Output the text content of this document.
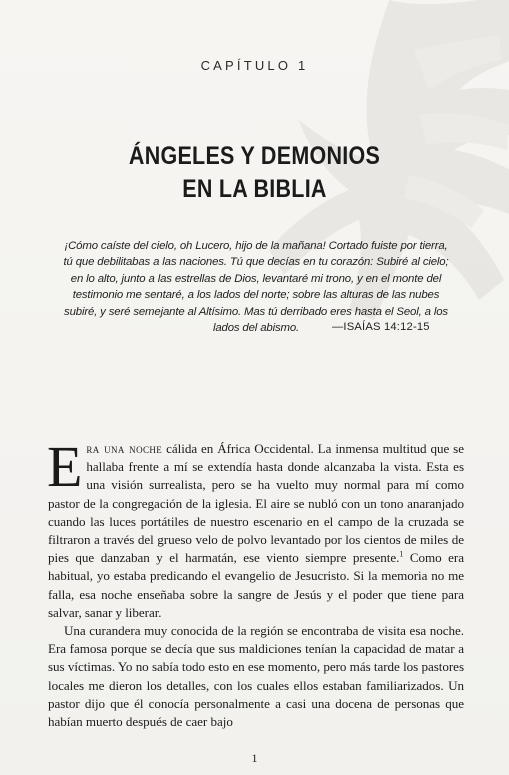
CAPÍTULO 1
ÁNGELES Y DEMONIOS
EN LA BIBLIA
¡Cómo caíste del cielo, oh Lucero, hijo de la mañana! Cortado fuiste por tierra, tú que debilitabas a las naciones. Tú que decías en tu corazón: Subiré al cielo; en lo alto, junto a las estrellas de Dios, levantaré mi trono, y en el monte del testimonio me sentaré, a los lados del norte; sobre las alturas de las nubes subiré, y seré semejante al Altísimo. Mas tú derribado eres hasta el Seol, a los lados del abismo.	—ISAÍAS 14:12-15

Era una noche cálida en África Occidental. La inmensa multitud que se hallaba frente a mí se extendía hasta donde alcanzaba la vista. Esta es una visión surrealista, pero se ha vuelto muy normal para mí como pastor de la congregación de la iglesia. El aire se nubló con un tono anaranjado cuando las luces portátiles de nuestro escenario en el campo de la cruzada se filtraron a través del grueso velo de polvo levantado por los cientos de miles de pies que danzaban y el harmatán, ese viento siempre presente.$^1$ Como era habitual, yo estaba predicando el evangelio de Jesucristo. Si la memoria no me falla, esa noche enseñaba sobre la sangre de Jesús y el poder que tiene para salvar, sanar y liberar.

Una curandera muy conocida de la región se encontraba de visita esa noche. Era famosa porque se decía que sus maldiciones tenían la capacidad de matar a sus víctimas. Yo no sabía todo esto en ese momento, pero más tarde los pastores locales me dieron los detalles, con los cuales ellos estaban familiarizados. Un pastor dijo que él conocía personalmente a casi una docena de personas que habían muerto después de caer bajo

1
